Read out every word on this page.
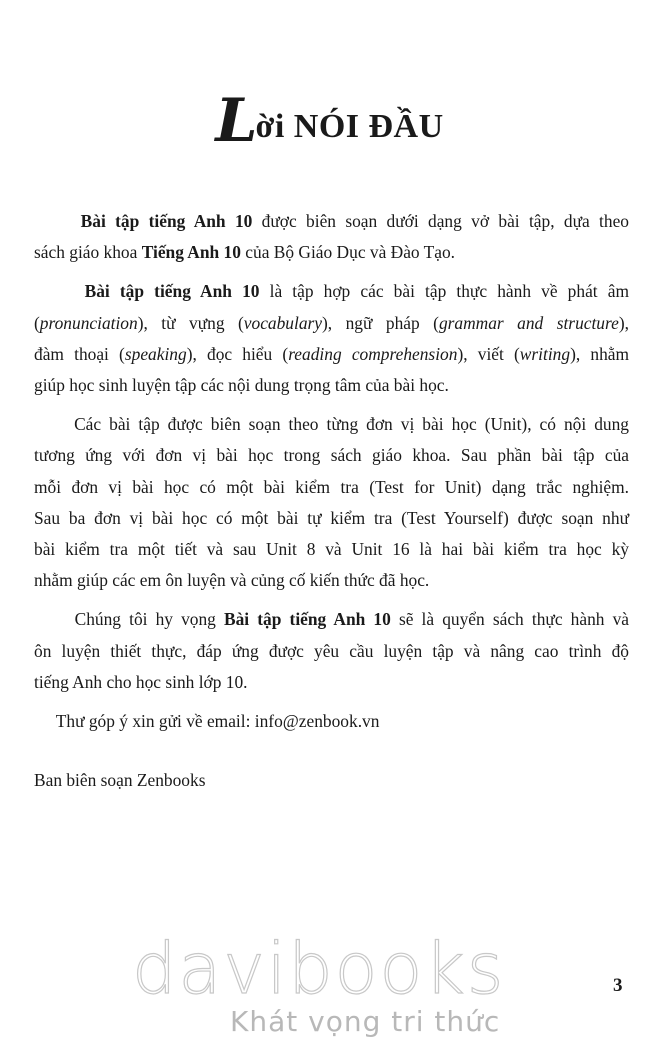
Lời NÓI ĐẦU
Bài tập tiếng Anh 10 được biên soạn dưới dạng vở bài tập, dựa theo
sách giáo khoa Tiếng Anh 10 của Bộ Giáo Dục và Đào Tạo.
Bài tập tiếng Anh 10 là tập hợp các bài tập thực hành về phát âm
(pronunciation), từ vựng (vocabulary), ngữ pháp (grammar and structure),
đàm thoại (speaking), đọc hiểu (reading comprehension), viết (writing), nhằm
giúp học sinh luyện tập các nội dung trọng tâm của bài học.
Các bài tập được biên soạn theo từng đơn vị bài học (Unit), có nội dung
tương ứng với đơn vị bài học trong sách giáo khoa. Sau phần bài tập của
mỗi đơn vị bài học có một bài kiểm tra (Test for Unit) dạng trắc nghiệm.
Sau ba đơn vị bài học có một bài tự kiểm tra (Test Yourself) được soạn như
bài kiểm tra một tiết và sau Unit 8 và Unit 16 là hai bài kiểm tra học kỳ
nhằm giúp các em ôn luyện và củng cố kiến thức đã học.
Chúng tôi hy vọng Bài tập tiếng Anh 10 sẽ là quyển sách thực hành và
ôn luyện thiết thực, đáp ứng được yêu cầu luyện tập và nâng cao trình độ
tiếng Anh cho học sinh lớp 10.
Thư góp ý xin gửi về email: info@zenbook.vn
Ban biên soạn Zenbooks
davibooks
Khát vọng tri thức
3
